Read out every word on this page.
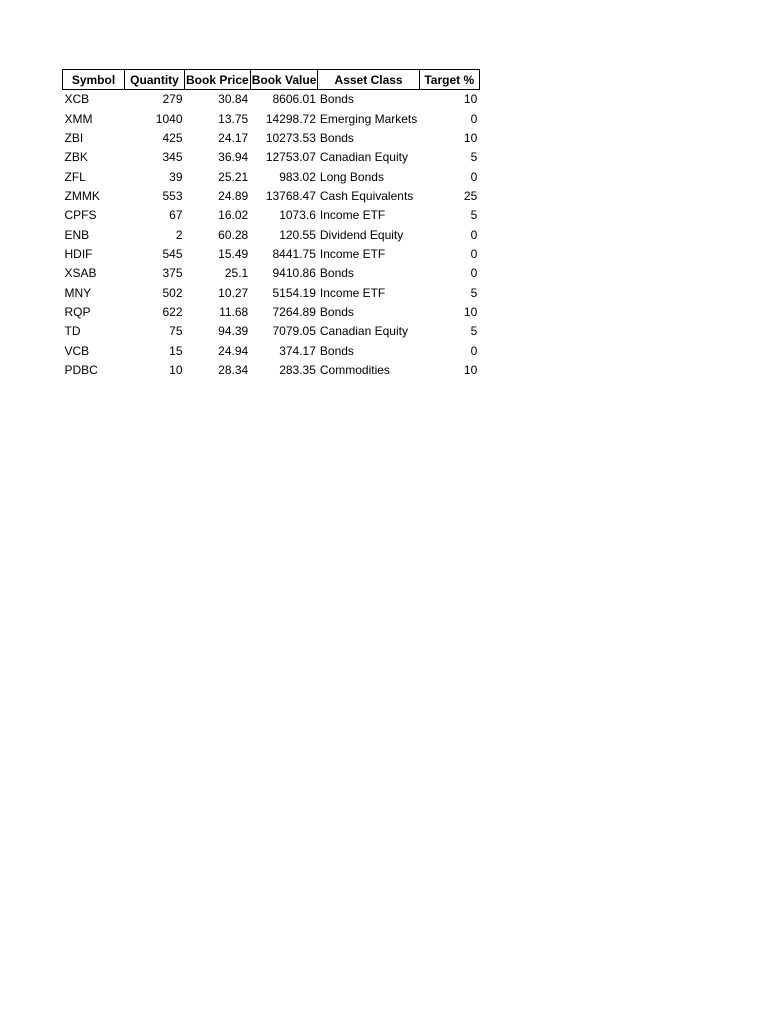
Symbol	Quantity	Book Price	Book Value	Asset Class	Target %
XCB	279	30.84	8606.01	Bonds	10
XMM	1040	13.75	14298.72	Emerging Markets	0
ZBI	425	24.17	10273.53	Bonds	10
ZBK	345	36.94	12753.07	Canadian Equity	5
ZFL	39	25.21	983.02	Long Bonds	0
ZMMK	553	24.89	13768.47	Cash Equivalents	25
CPFS	67	16.02	1073.6	Income ETF	5
ENB	2	60.28	120.55	Dividend Equity	0
HDIF	545	15.49	8441.75	Income ETF	0
XSAB	375	25.1	9410.86	Bonds	0
MNY	502	10.27	5154.19	Income ETF	5
RQP	622	11.68	7264.89	Bonds	10
TD	75	94.39	7079.05	Canadian Equity	5
VCB	15	24.94	374.17	Bonds	0
PDBC	10	28.34	283.35	Commodities	10
